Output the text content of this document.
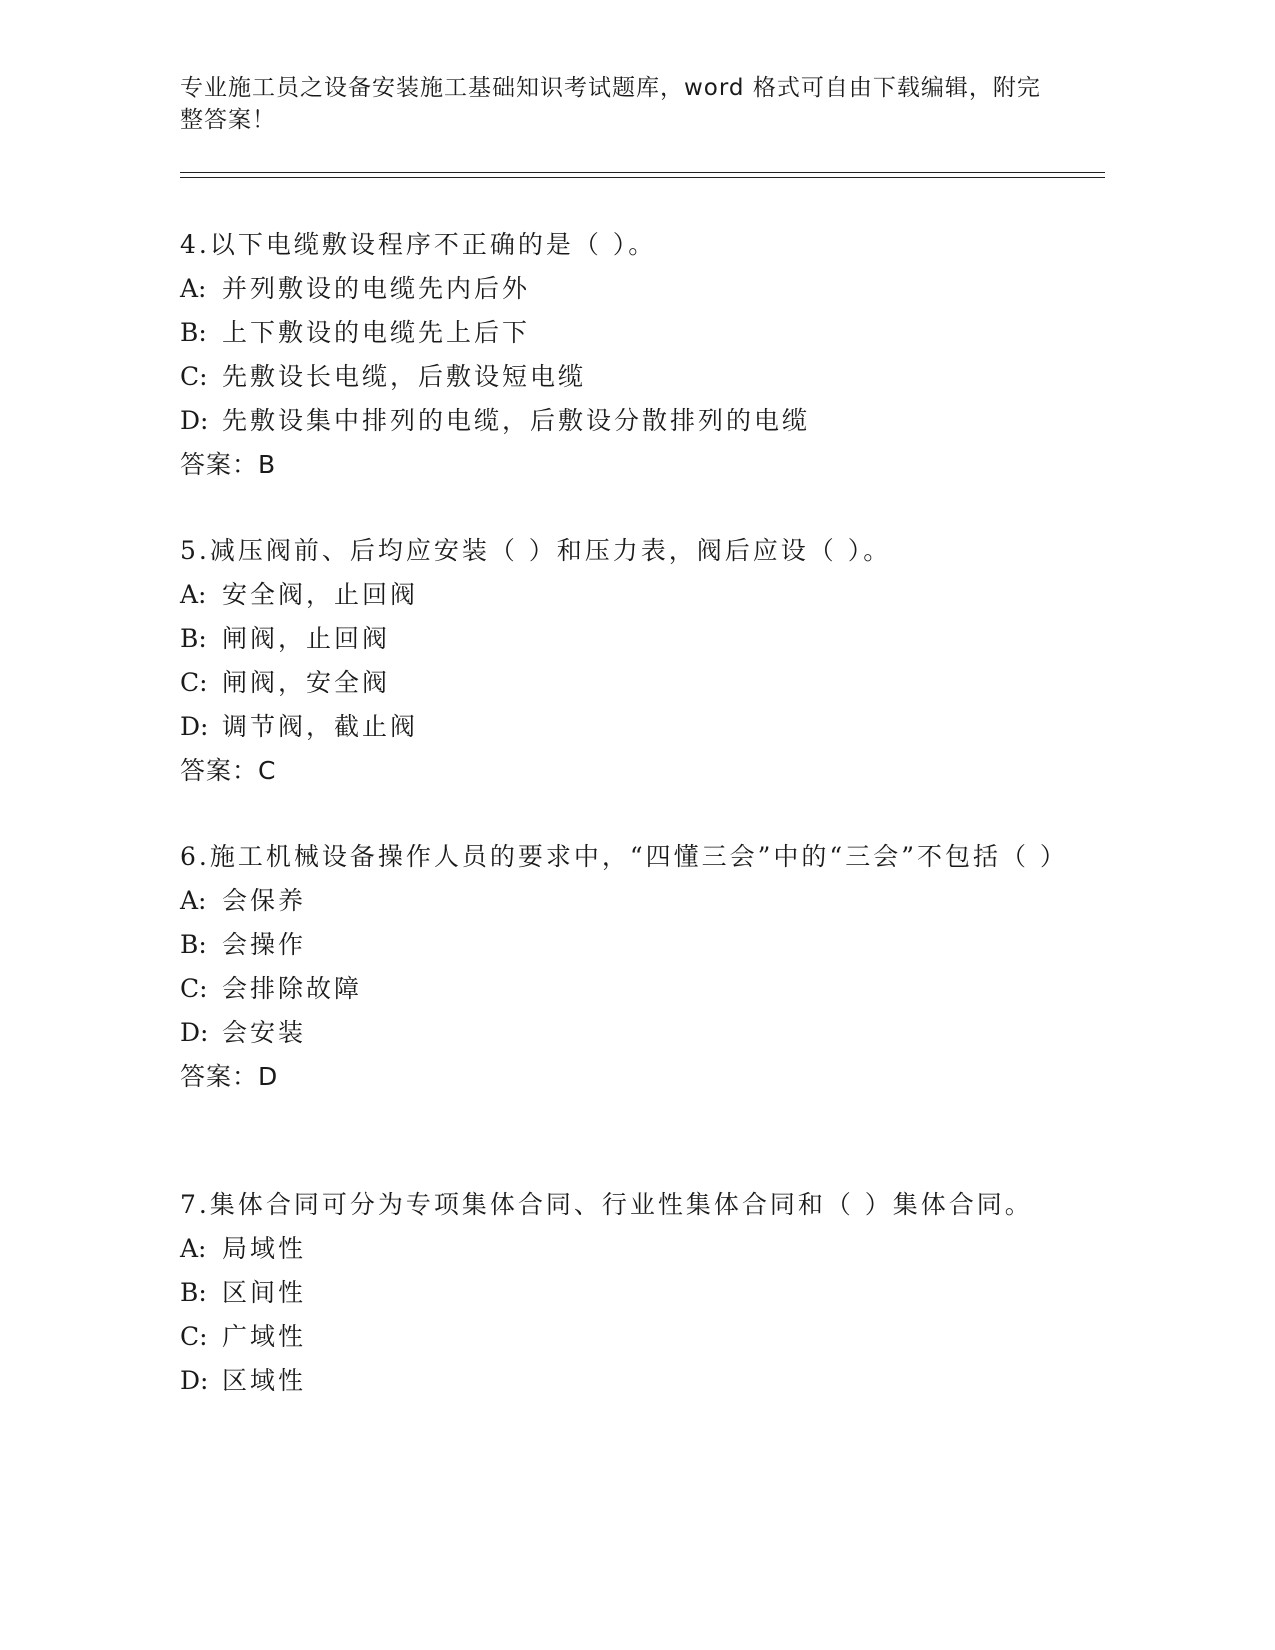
专业施工员之设备安装施工基础知识考试题库，word 格式可自由下载编辑，附完整答案！
4.以下电缆敷设程序不正确的是（ ）。
A: 并列敷设的电缆先内后外
B: 上下敷设的电缆先上后下
C: 先敷设长电缆，后敷设短电缆
D: 先敷设集中排列的电缆，后敷设分散排列的电缆
答案：B
5.减压阀前、后均应安装（ ）和压力表，阀后应设（ ）。
A: 安全阀，止回阀
B: 闸阀，止回阀
C: 闸阀，安全阀
D: 调节阀，截止阀
答案：C
6.施工机械设备操作人员的要求中，“四懂三会”中的“三会”不包括（ ）
A: 会保养
B: 会操作
C: 会排除故障
D: 会安装
答案：D
7.集体合同可分为专项集体合同、行业性集体合同和（ ）集体合同。
A: 局域性
B: 区间性
C: 广域性
D: 区域性
